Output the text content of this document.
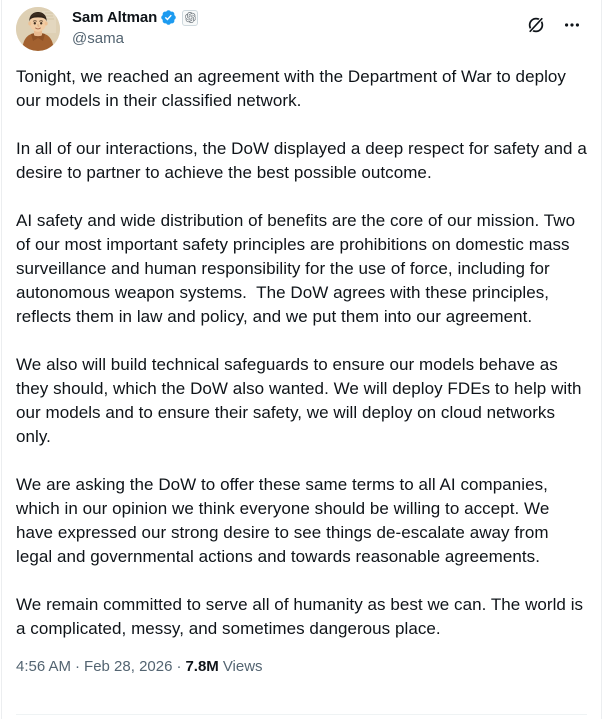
Sam Altman
@sama

Tonight, we reached an agreement with the Department of War to deploy our models in their classified network.

In all of our interactions, the DoW displayed a deep respect for safety and a desire to partner to achieve the best possible outcome.

AI safety and wide distribution of benefits are the core of our mission. Two of our most important safety principles are prohibitions on domestic mass surveillance and human responsibility for the use of force, including for autonomous weapon systems.  The DoW agrees with these principles, reflects them in law and policy, and we put them into our agreement.

We also will build technical safeguards to ensure our models behave as they should, which the DoW also wanted. We will deploy FDEs to help with our models and to ensure their safety, we will deploy on cloud networks only.

We are asking the DoW to offer these same terms to all AI companies, which in our opinion we think everyone should be willing to accept. We have expressed our strong desire to see things de-escalate away from legal and governmental actions and towards reasonable agreements.

We remain committed to serve all of humanity as best we can. The world is a complicated, messy, and sometimes dangerous place.

4:56 AM · Feb 28, 2026 · 7.8M Views
